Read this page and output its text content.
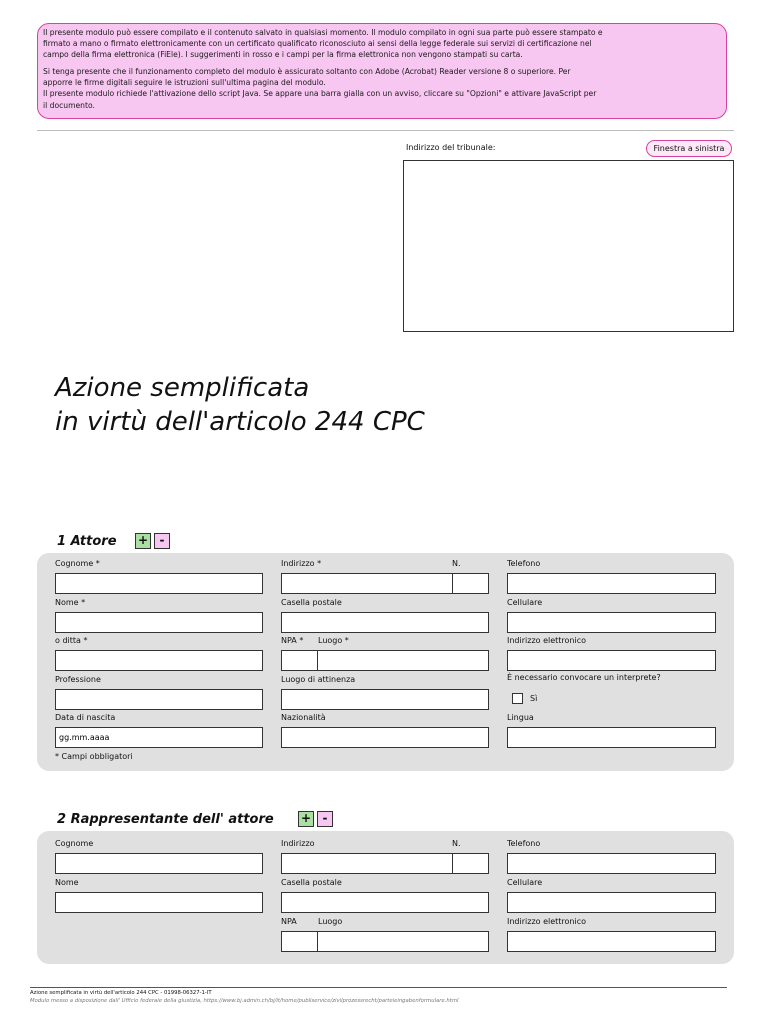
Il presente modulo può essere compilato e il contenuto salvato in qualsiasi momento. Il modulo compilato in ogni sua parte può essere stampato e

firmato a mano o firmato elettronicamente con un certificato qualificato riconosciuto ai sensi della legge federale sui servizi di certificazione nel

campo della firma elettronica (FiEle). I suggerimenti in rosso e i campi per la firma elettronica non vengono stampati su carta.

Si tenga presente che il funzionamento completo del modulo è assicurato soltanto con Adobe (Acrobat) Reader versione 8 o superiore. Per

apporre le firme digitali seguire le istruzioni sull'ultima pagina del modulo.

Il presente modulo richiede l'attivazione dello script Java. Se appare una barra gialla con un avviso, cliccare su "Opzioni" e attivare JavaScript per

il documento.

Indirizzo del tribunale:	Finestra a sinistra
Azione semplificata
in virtù dell'articolo 244 CPC
1 Attore + -
Cognome *	Indirizzo *	N.	Telefono
Nome *	Casella postale	Cellulare
o ditta *	NPA * Luogo *	Indirizzo elettronico
Professione	Luogo di attinenza	È necessario convocare un interprete?
Sì
Data di nascita	Nazionalità	Lingua
gg.mm.aaaa
* Campi obbligatori
2 Rappresentante dell' attore + -
Cognome	Indirizzo	N.	Telefono
Nome	Casella postale	Cellulare
NPA	Luogo	Indirizzo elettronico
Azione semplificata in virtù dell'articolo 244 CPC - 01998-06327-1-IT
Modulo messo a disposizione dall' Ufficio federale della giustizia, https://www.bj.admin.ch/bj/it/home/publiservice/zivilprozessrecht/parteieingabenformulare.html
